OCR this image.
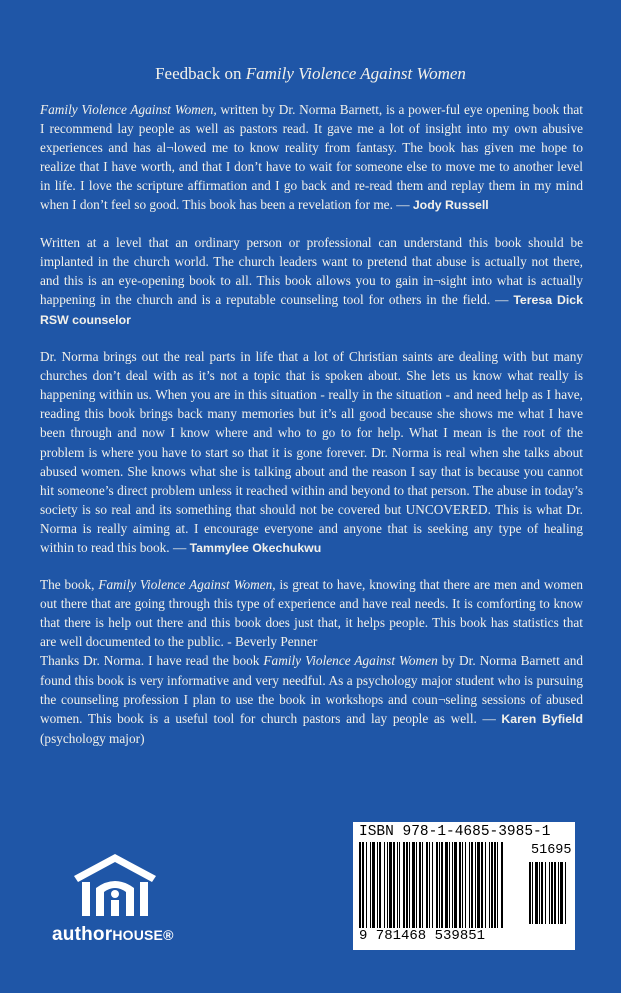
Feedback on Family Violence Against Women

Family Violence Against Women, written by Dr. Norma Barnett, is a power-ful eye opening book that I recommend lay people as well as pastors read. It gave me a lot of insight into my own abusive experiences and has al¬lowed me to know reality from fantasy. The book has given me hope to realize that I have worth, and that I don’t have to wait for someone else to move me to another level in life. I love the scripture affirmation and I go back and re-read them and replay them in my mind when I don’t feel so good. This book has been a revelation for me. — Jody Russell

Written at a level that an ordinary person or professional can understand this book should be implanted in the church world. The church leaders want to pretend that abuse is actually not there, and this is an eye-opening book to all. This book allows you to gain in¬sight into what is actually happening in the church and is a reputable counseling tool for others in the field. — Teresa Dick RSW counselor

Dr. Norma brings out the real parts in life that a lot of Christian saints are dealing with but many churches don’t deal with as it’s not a topic that is spoken about. She lets us know what really is happening within us. When you are in this situation - really in the situation - and need help as I have, reading this book brings back many memories but it’s all good because she shows me what I have been through and now I know where and who to go to for help. What I mean is the root of the problem is where you have to start so that it is gone forever. Dr. Norma is real when she talks about abused women. She knows what she is talking about and the reason I say that is because you cannot hit someone’s direct problem unless it reached within and beyond to that person. The abuse in today’s society is so real and its something that should not be covered but UNCOVERED. This is what Dr. Norma is really aiming at. I encourage everyone and anyone that is seeking any type of healing within to read this book. — Tammylee Okechukwu

The book, Family Violence Against Women, is great to have, knowing that there are men and women out there that are going through this type of experience and have real needs. It is comforting to know that there is help out there and this book does just that, it helps people. This book has statistics that are well documented to the public. - Beverly Penner

Thanks Dr. Norma. I have read the book Family Violence Against Women by Dr. Norma Barnett and found this book is very informative and very needful. As a psychology major student who is pursuing the counseling profession I plan to use the book in workshops and coun¬seling sessions of abused women. This book is a useful tool for church pastors and lay people as well. — Karen Byfield (psychology major)

authorHOUSE®
ISBN 978-1-4685-3985-1
51695
9 781468 539851
